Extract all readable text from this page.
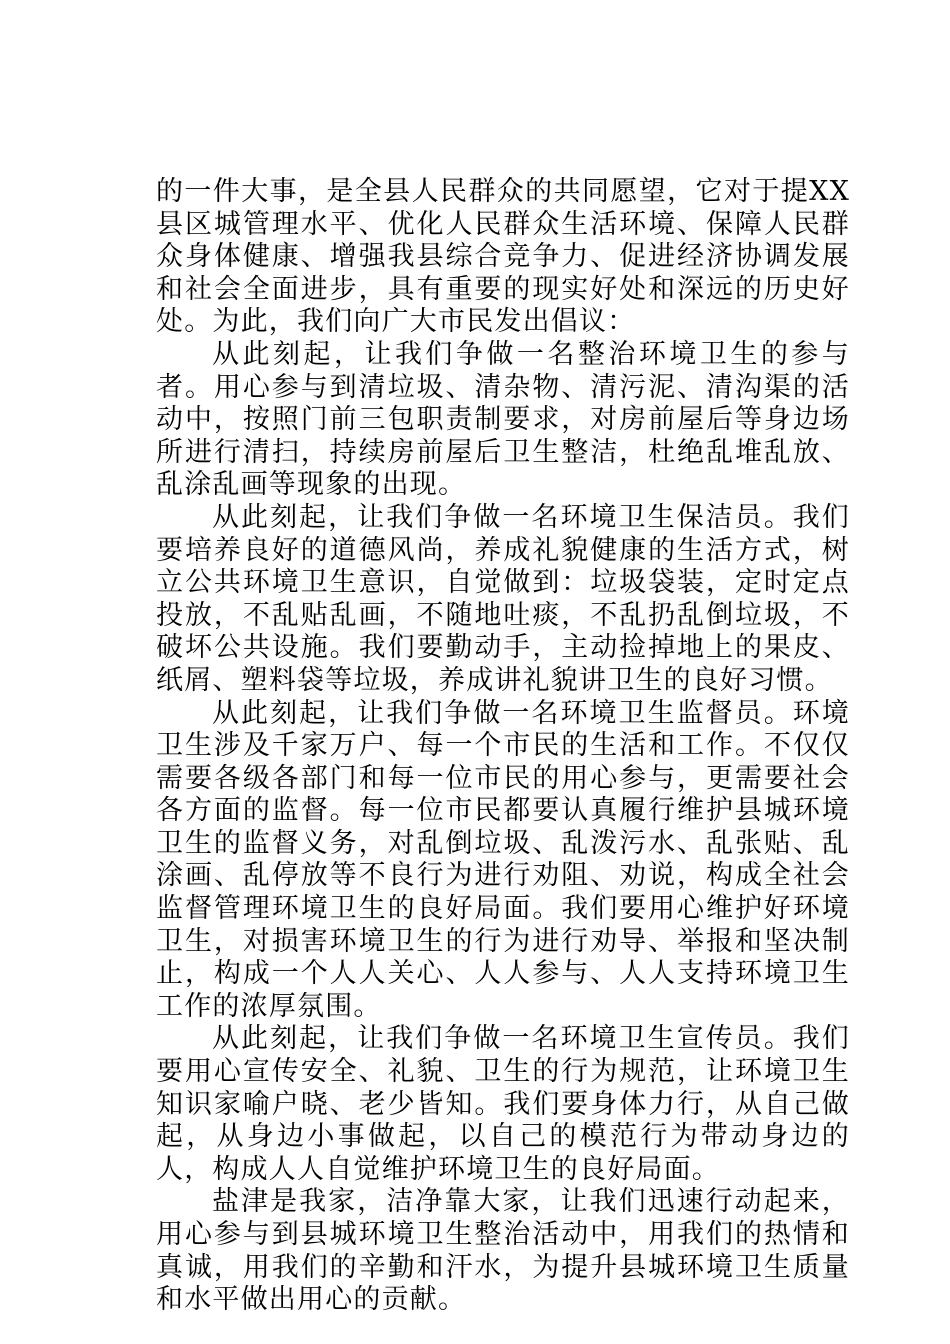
的一件大事，是全县人民群众的共同愿望，它对于提XX县区城管理水平、优化人民群众生活环境、保障人民群众身体健康、增强我县综合竞争力、促进经济协调发展和社会全面进步，具有重要的现实好处和深远的历史好处。为此，我们向广大市民发出倡议：

从此刻起，让我们争做一名整治环境卫生的参与者。用心参与到清垃圾、清杂物、清污泥、清沟渠的活动中，按照门前三包职责制要求，对房前屋后等身边场所进行清扫，持续房前屋后卫生整洁，杜绝乱堆乱放、乱涂乱画等现象的出现。

从此刻起，让我们争做一名环境卫生保洁员。我们要培养良好的道德风尚，养成礼貌健康的生活方式，树立公共环境卫生意识，自觉做到：垃圾袋装，定时定点投放，不乱贴乱画，不随地吐痰，不乱扔乱倒垃圾，不破坏公共设施。我们要勤动手，主动捡掉地上的果皮、纸屑、塑料袋等垃圾，养成讲礼貌讲卫生的良好习惯。

从此刻起，让我们争做一名环境卫生监督员。环境卫生涉及千家万户、每一个市民的生活和工作。不仅仅需要各级各部门和每一位市民的用心参与，更需要社会各方面的监督。每一位市民都要认真履行维护县城环境卫生的监督义务，对乱倒垃圾、乱泼污水、乱张贴、乱涂画、乱停放等不良行为进行劝阻、劝说，构成全社会监督管理环境卫生的良好局面。我们要用心维护好环境卫生，对损害环境卫生的行为进行劝导、举报和坚决制止，构成一个人人关心、人人参与、人人支持环境卫生工作的浓厚氛围。

从此刻起，让我们争做一名环境卫生宣传员。我们要用心宣传安全、礼貌、卫生的行为规范，让环境卫生知识家喻户晓、老少皆知。我们要身体力行，从自己做起，从身边小事做起，以自己的模范行为带动身边的人，构成人人自觉维护环境卫生的良好局面。

盐津是我家，洁净靠大家，让我们迅速行动起来，用心参与到县城环境卫生整治活动中，用我们的热情和真诚，用我们的辛勤和汗水，为提升县城环境卫生质量和水平做出用心的贡献。
